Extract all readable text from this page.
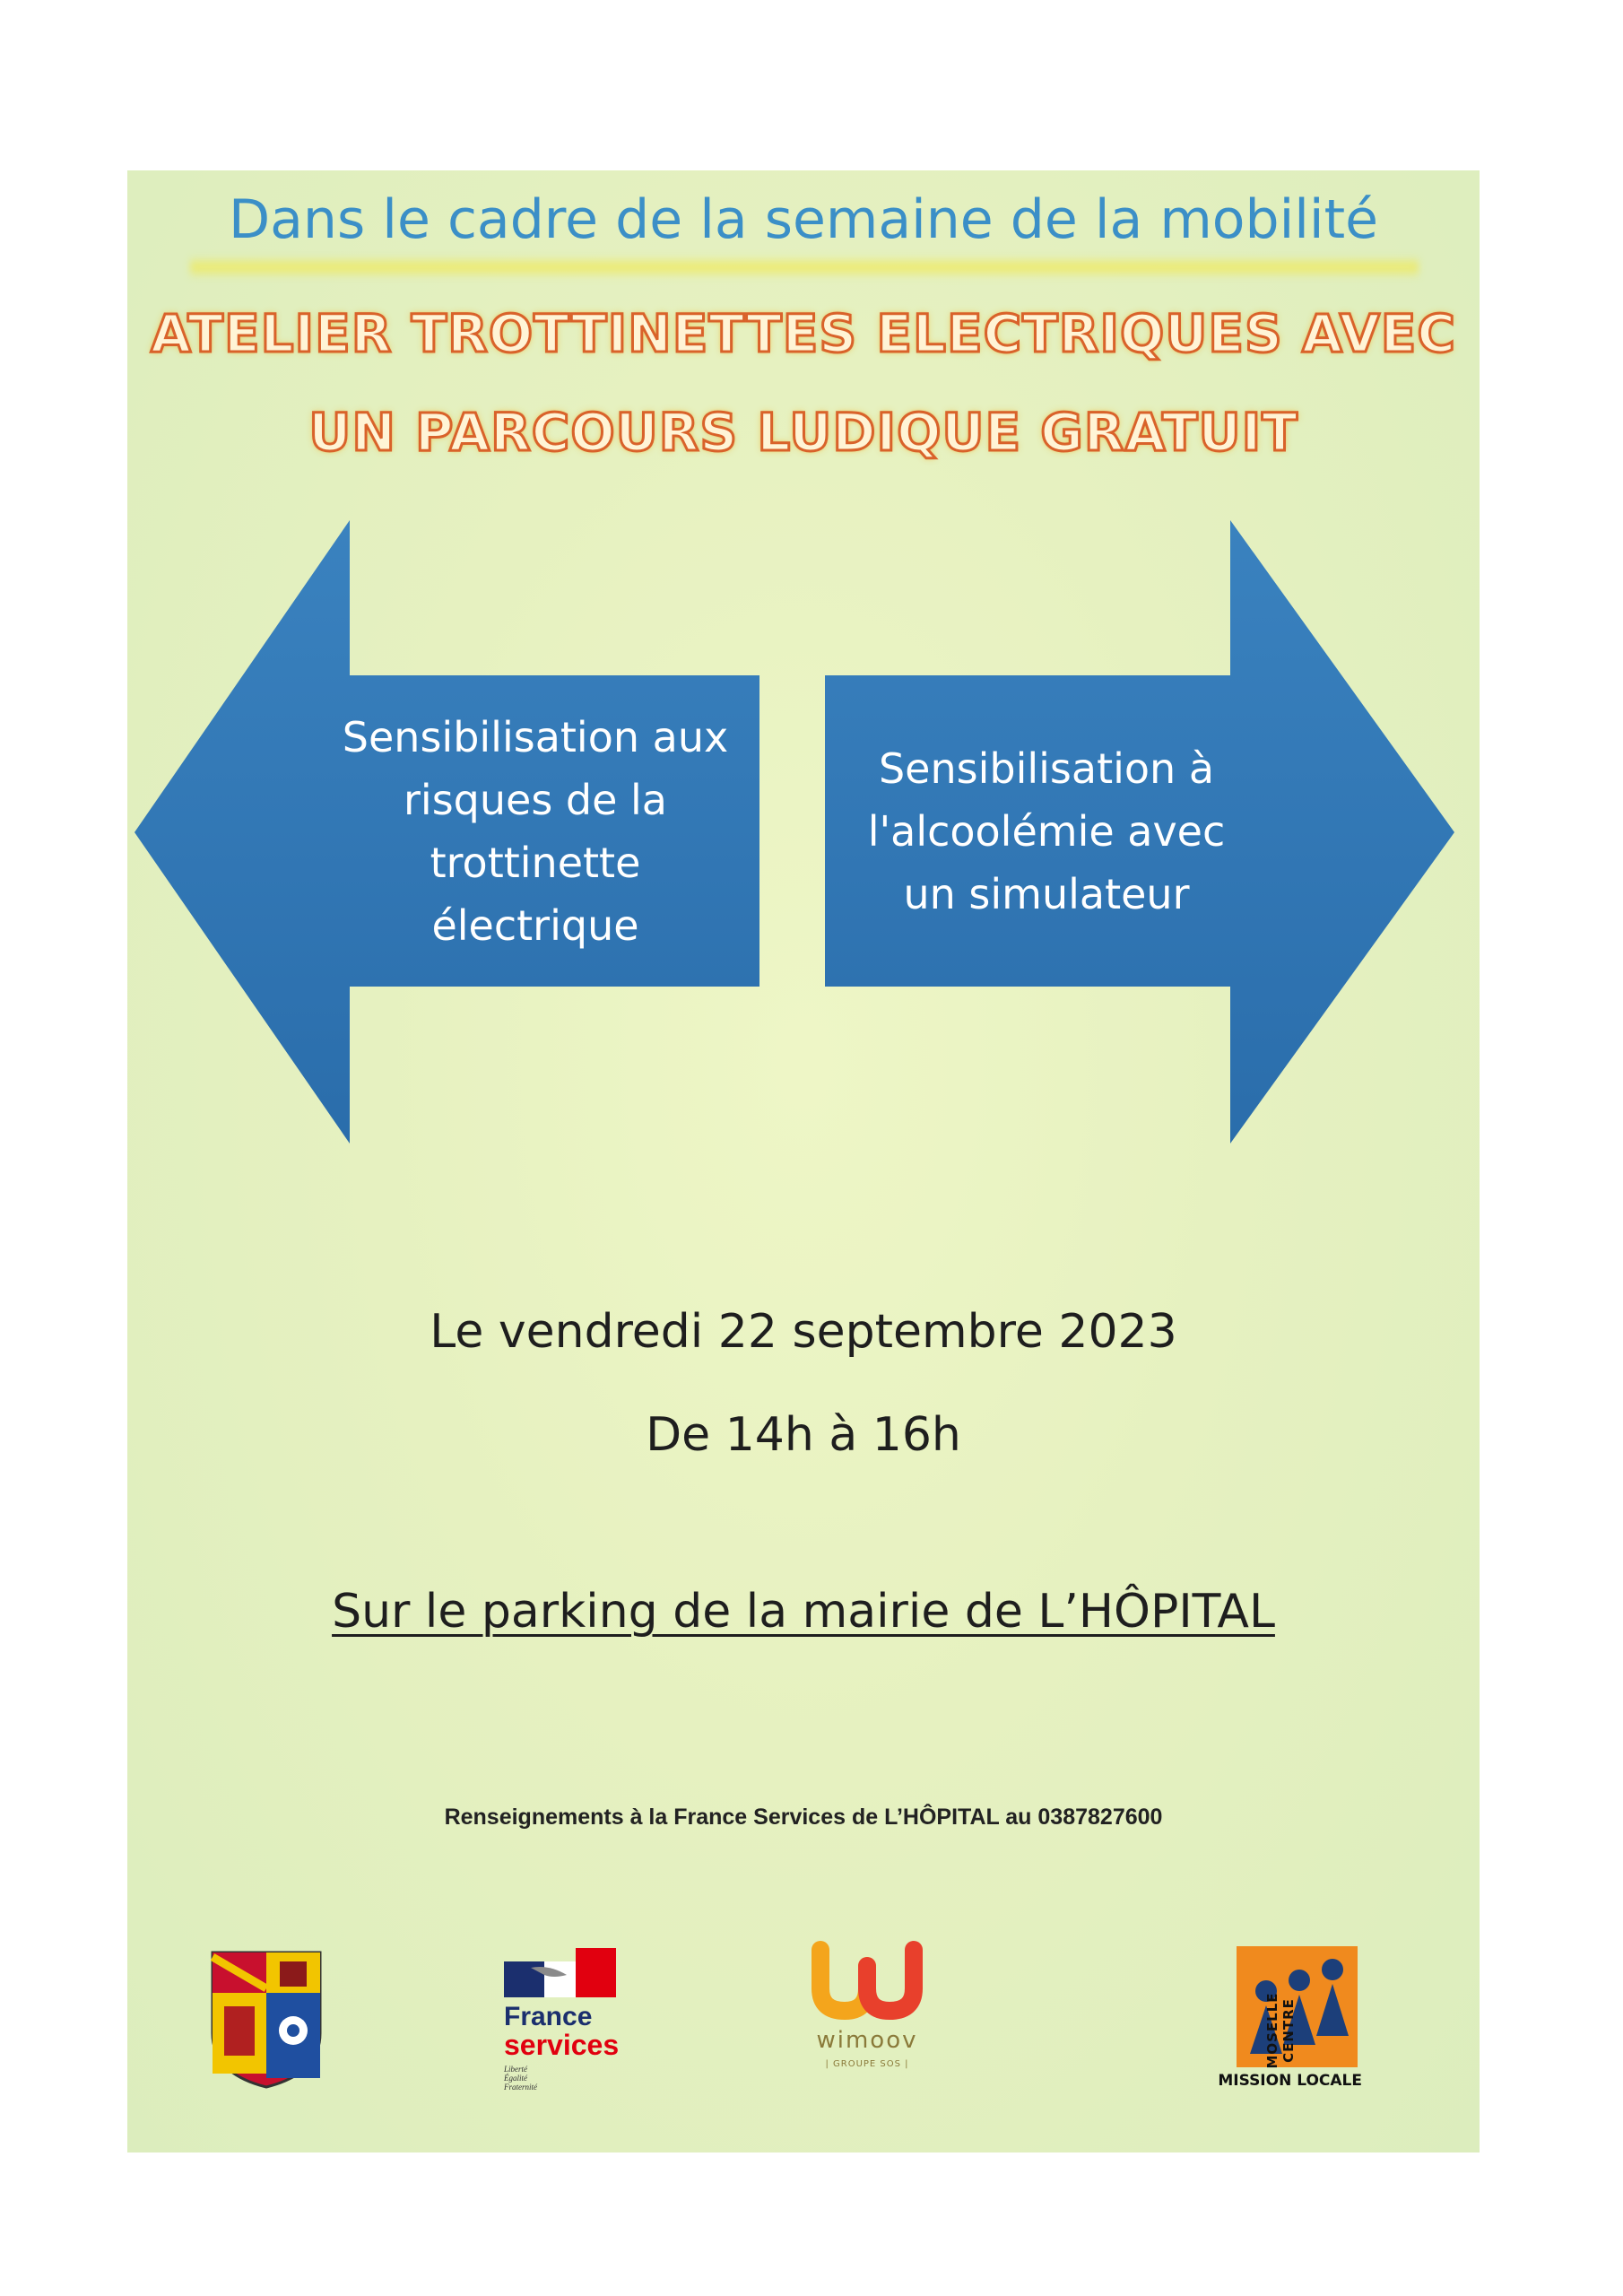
Dans le cadre de la semaine de la mobilité
ATELIER TROTTINETTES ELECTRIQUES AVEC
UN PARCOURS LUDIQUE GRATUIT
Sensibilisation aux
risques de la
trottinette
électrique
Sensibilisation à
l'alcoolémie avec
un simulateur
Le vendredi 22 septembre 2023
De 14h à 16h
Sur le parking de la mairie de L’HÔPITAL
Renseignements à la France Services de L’HÔPITAL au 0387827600
France
services
Liberté
Égalité
Fraternité
wimoov
| GROUPE SOS |	MOSELLE CENTRE
MISSION LOCALE
